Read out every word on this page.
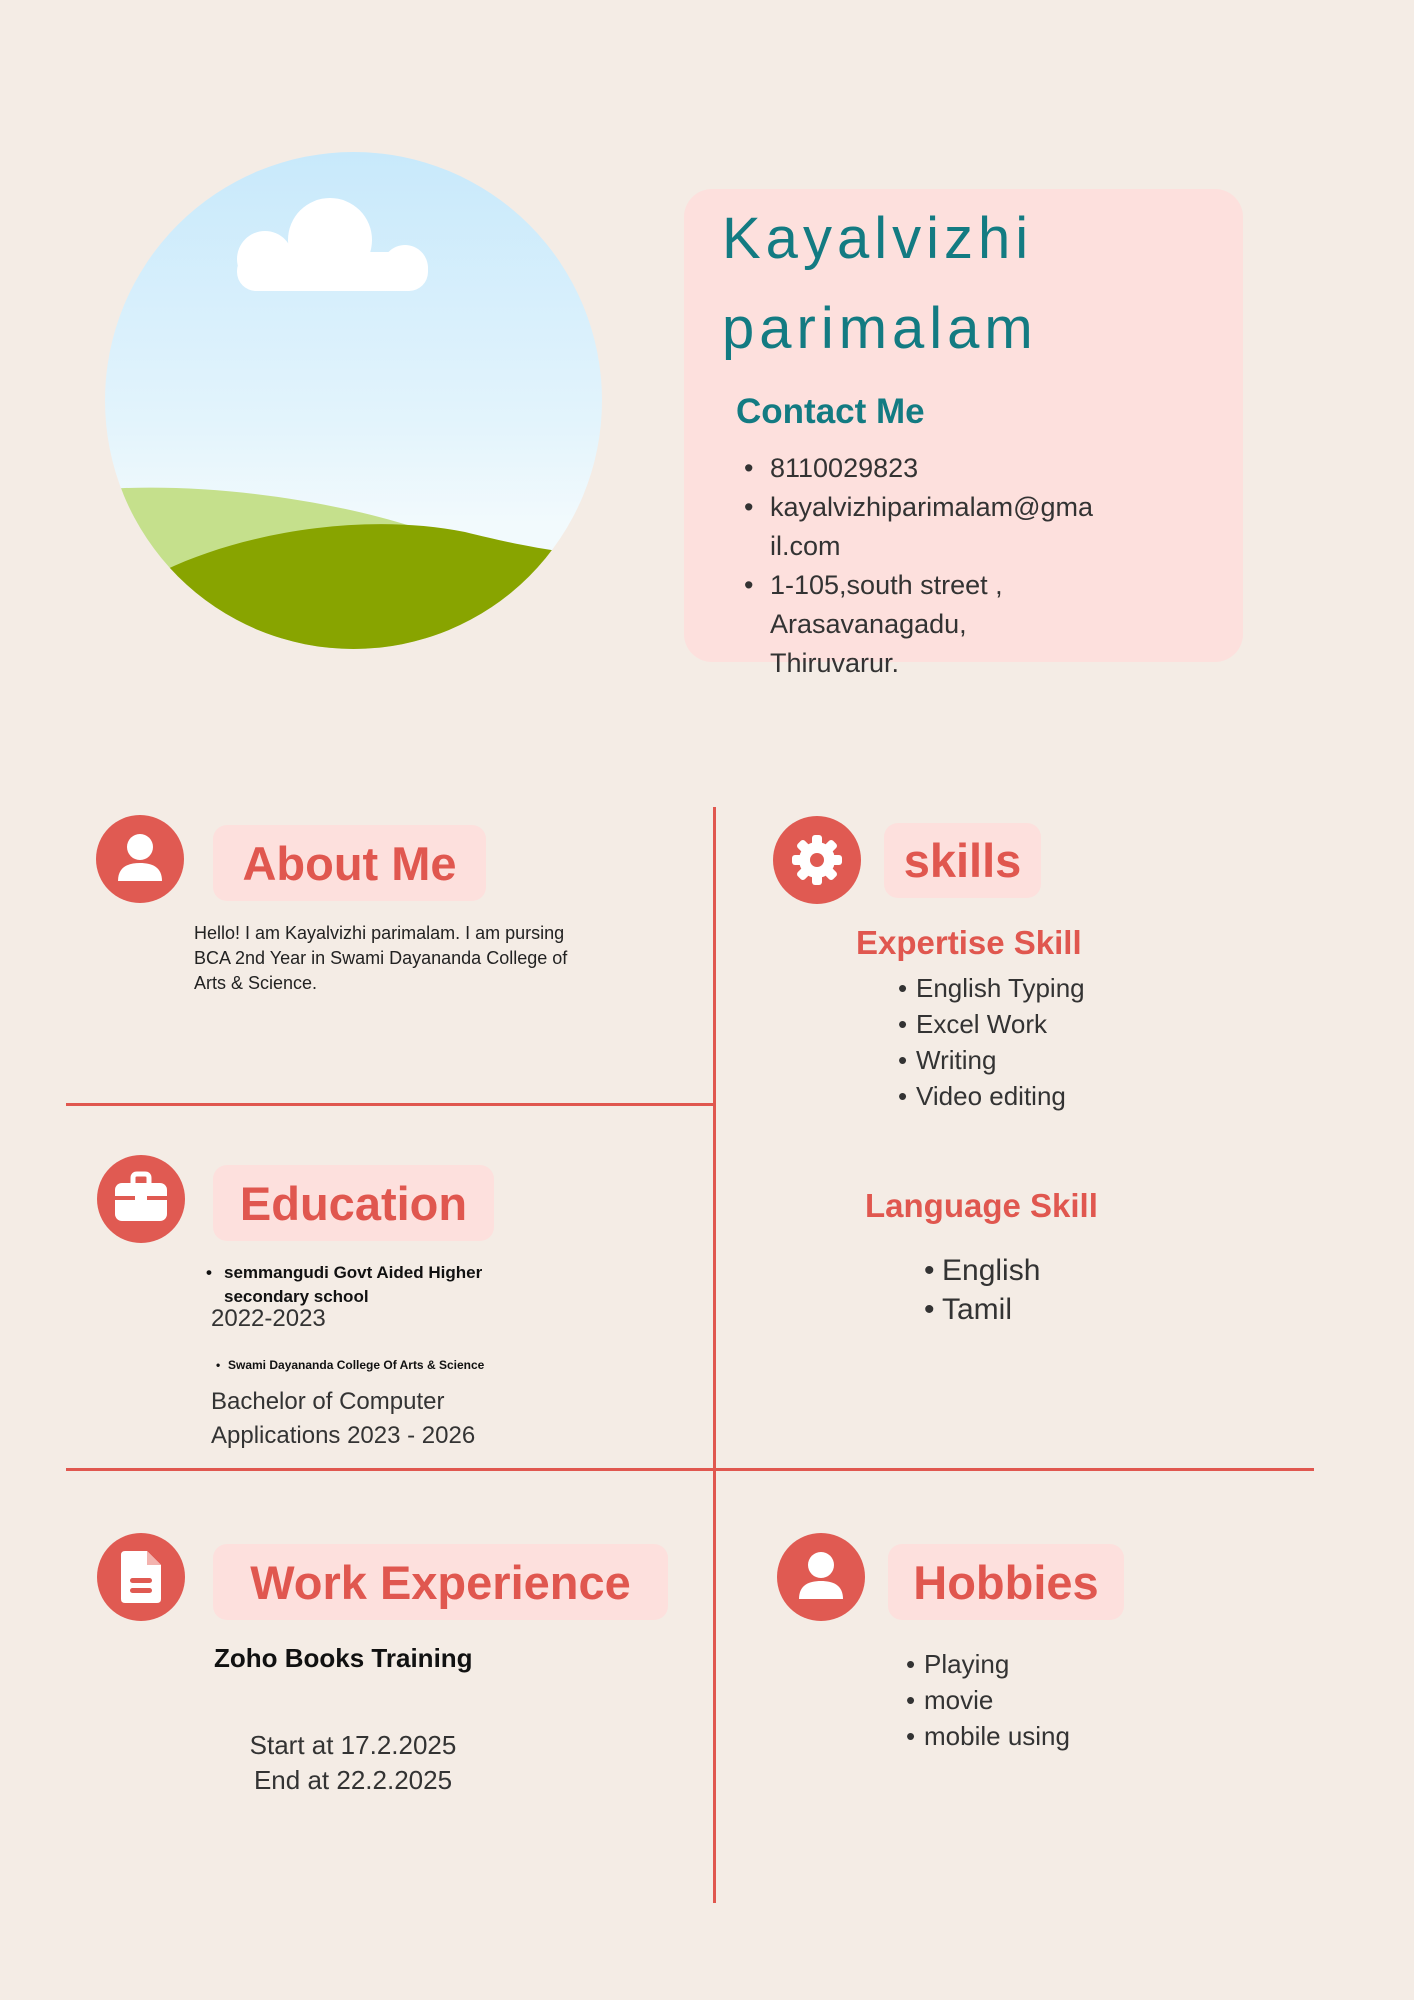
Kayalvizhi
parimalam
Contact Me
• 8110029823
• kayalvizhiparimalam@gma
il.com
• 1-105,south street ,
Arasavanagadu,
Thiruvarur.
About Me
Hello! I am Kayalvizhi parimalam. I am pursing BCA 2nd Year in Swami Dayananda College of Arts & Science.
skills
Expertise Skill
• English Typing
• Excel Work
• Writing
• Video editing
Language Skill
• English
• Tamil
Education
• semmangudi Govt Aided Higher
secondary school
2022-2023
• Swami Dayananda College Of Arts & Science
Bachelor of Computer
Applications 2023 - 2026
Work Experience
Zoho Books Training
Start at 17.2.2025
End at 22.2.2025
Hobbies
• Playing
• movie
• mobile using
